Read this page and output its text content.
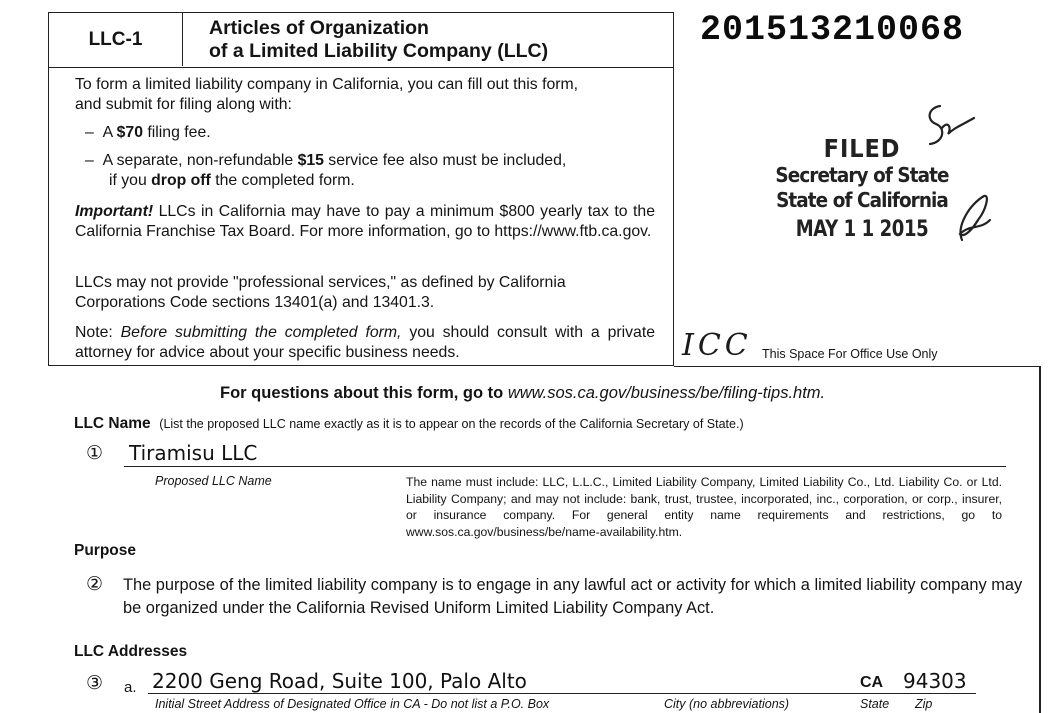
LLC-1	Articles of Organization
of a Limited Liability Company (LLC)
To form a limited liability company in California, you can fill out this form,
and submit for filing along with:
–  A $70 filing fee.
–  A separate, non-refundable $15 service fee also must be included,
if you drop off the completed form.
Important! LLCs in California may have to pay a minimum $800 yearly tax to the California Franchise Tax Board. For more information, go to https://www.ftb.ca.gov.
LLCs may not provide "professional services," as defined by California Corporations Code sections 13401(a) and 13401.3.
Note: Before submitting the completed form, you should consult with a private attorney for advice about your specific business needs.
201513210068
FILED
Secretary of State
State of California
MAY 1 1 2015
ICC This Space For Office Use Only
For questions about this form, go to www.sos.ca.gov/business/be/filing-tips.htm.
LLC Name (List the proposed LLC name exactly as it is to appear on the records of the California Secretary of State.)
① Tiramisu LLC
Proposed LLC Name	The name must include: LLC, L.L.C., Limited Liability Company, Limited Liability Co., Ltd. Liability Co. or Ltd. Liability Company; and may not include: bank, trust, trustee, incorporated, inc., corporation, or corp., insurer, or insurance company. For general entity name requirements and restrictions, go to www.sos.ca.gov/business/be/name-availability.htm.
Purpose
② The purpose of the limited liability company is to engage in any lawful act or activity for which a limited liability company may be organized under the California Revised Uniform Limited Liability Company Act.
LLC Addresses
③ a. 2200 Geng Road, Suite 100, Palo Alto	CA 94303
Initial Street Address of Designated Office in CA - Do not list a P.O. Box	City (no abbreviations)	State Zip
